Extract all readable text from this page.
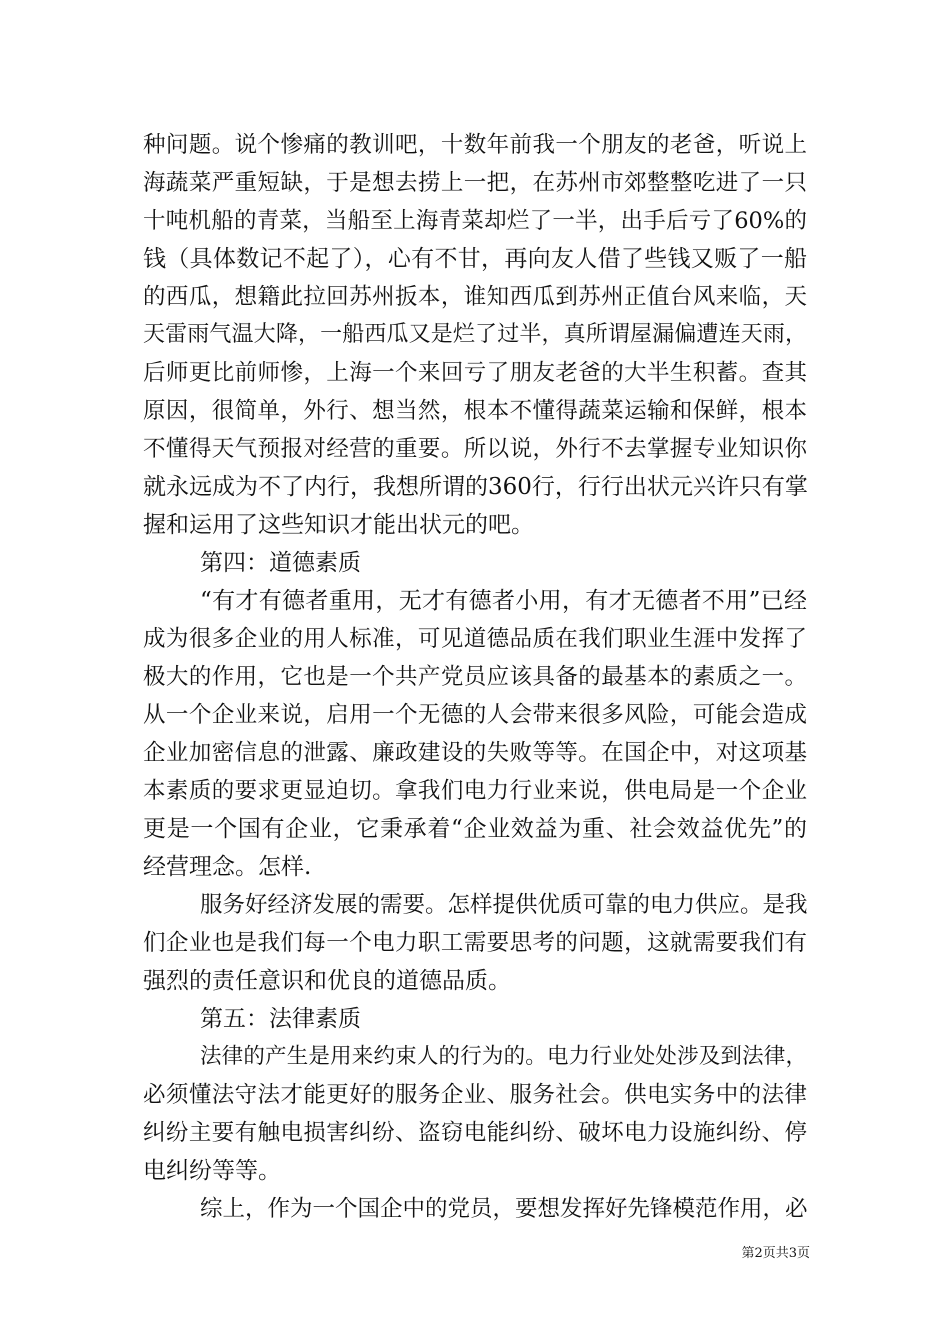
种问题。说个惨痛的教训吧，十数年前我一个朋友的老爸，听说上
海蔬菜严重短缺，于是想去捞上一把，在苏州市郊整整吃进了一只
十吨机船的青菜，当船至上海青菜却烂了一半，出手后亏了60%的
钱（具体数记不起了），心有不甘，再向友人借了些钱又贩了一船
的西瓜，想籍此拉回苏州扳本，谁知西瓜到苏州正值台风来临，天
天雷雨气温大降，一船西瓜又是烂了过半，真所谓屋漏偏遭连天雨，
后师更比前师惨，上海一个来回亏了朋友老爸的大半生积蓄。查其
原因，很简单，外行、想当然，根本不懂得蔬菜运输和保鲜，根本
不懂得天气预报对经营的重要。所以说，外行不去掌握专业知识你
就永远成为不了内行，我想所谓的360行，行行出状元兴许只有掌
握和运用了这些知识才能出状元的吧。
第四：道德素质
“有才有德者重用，无才有德者小用，有才无德者不用”已经
成为很多企业的用人标准，可见道德品质在我们职业生涯中发挥了
极大的作用，它也是一个共产党员应该具备的最基本的素质之一。
从一个企业来说，启用一个无德的人会带来很多风险，可能会造成
企业加密信息的泄露、廉政建设的失败等等。在国企中，对这项基
本素质的要求更显迫切。拿我们电力行业来说，供电局是一个企业
更是一个国有企业，它秉承着“企业效益为重、社会效益优先”的
经营理念。怎样.
服务好经济发展的需要。怎样提供优质可靠的电力供应。是我
们企业也是我们每一个电力职工需要思考的问题，这就需要我们有
强烈的责任意识和优良的道德品质。
第五：法律素质
法律的产生是用来约束人的行为的。电力行业处处涉及到法律，
必须懂法守法才能更好的服务企业、服务社会。供电实务中的法律
纠纷主要有触电损害纠纷、盗窃电能纠纷、破坏电力设施纠纷、停
电纠纷等等。
综上，作为一个国企中的党员，要想发挥好先锋模范作用，必
第2页共3页
